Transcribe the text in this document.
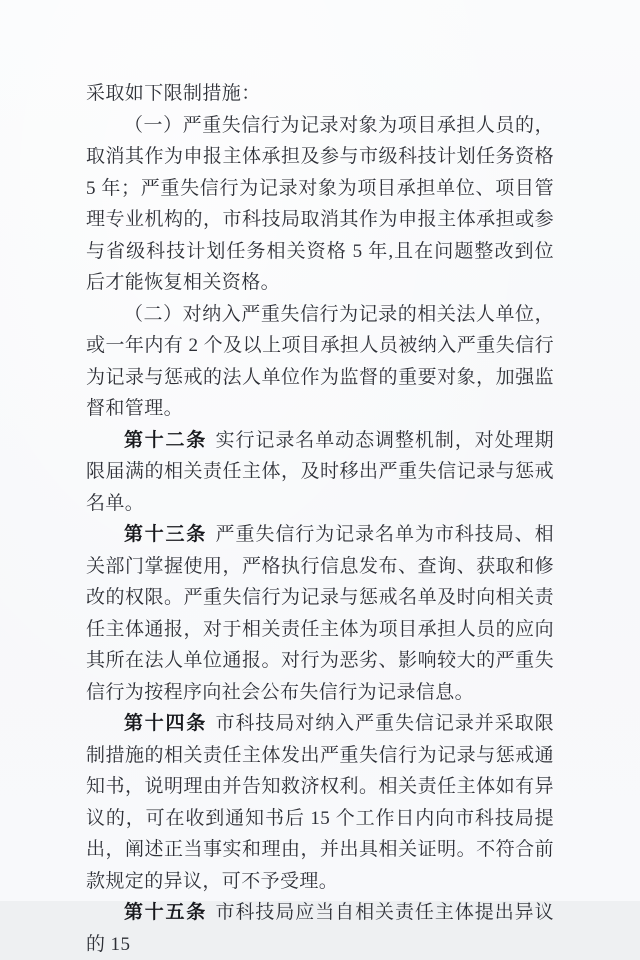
采取如下限制措施：

（一）严重失信行为记录对象为项目承担人员的，取消其作为申报主体承担及参与市级科技计划任务资格 5 年；严重失信行为记录对象为项目承担单位、项目管理专业机构的，市科技局取消其作为申报主体承担或参与省级科技计划任务相关资格 5 年,且在问题整改到位后才能恢复相关资格。

（二）对纳入严重失信行为记录的相关法人单位，或一年内有 2 个及以上项目承担人员被纳入严重失信行为记录与惩戒的法人单位作为监督的重要对象，加强监督和管理。

第十二条 实行记录名单动态调整机制，对处理期限届满的相关责任主体，及时移出严重失信记录与惩戒名单。

第十三条 严重失信行为记录名单为市科技局、相关部门掌握使用，严格执行信息发布、查询、获取和修改的权限。严重失信行为记录与惩戒名单及时向相关责任主体通报，对于相关责任主体为项目承担人员的应向其所在法人单位通报。对行为恶劣、影响较大的严重失信行为按程序向社会公布失信行为记录信息。

第十四条 市科技局对纳入严重失信记录并采取限制措施的相关责任主体发出严重失信行为记录与惩戒通知书，说明理由并告知救济权利。相关责任主体如有异议的，可在收到通知书后 15 个工作日内向市科技局提出，阐述正当事实和理由，并出具相关证明。不符合前款规定的异议，可不予受理。

第十五条 市科技局应当自相关责任主体提出异议的 15
